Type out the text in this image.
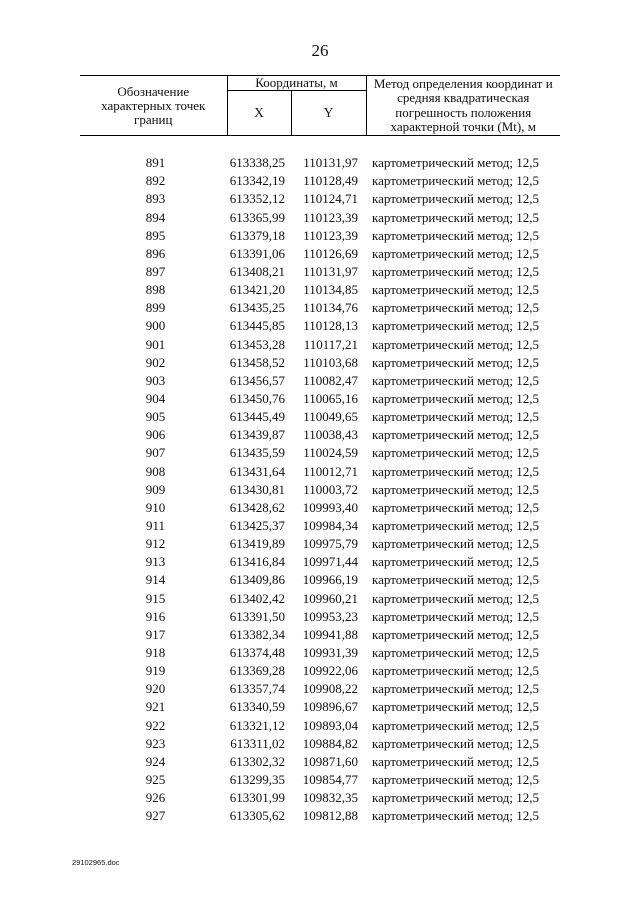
26
Обозначение характерных точек границ	Координаты, м		Метод определения координат и средняя квадратическая погрешность положения характерной точки (Mt), м
	X	Y	

891	613338,25	110131,97	картометрический метод; 12,5
892	613342,19	110128,49	картометрический метод; 12,5
893	613352,12	110124,71	картометрический метод; 12,5
894	613365,99	110123,39	картометрический метод; 12,5
895	613379,18	110123,39	картометрический метод; 12,5
896	613391,06	110126,69	картометрический метод; 12,5
897	613408,21	110131,97	картометрический метод; 12,5
898	613421,20	110134,85	картометрический метод; 12,5
899	613435,25	110134,76	картометрический метод; 12,5
900	613445,85	110128,13	картометрический метод; 12,5
901	613453,28	110117,21	картометрический метод; 12,5
902	613458,52	110103,68	картометрический метод; 12,5
903	613456,57	110082,47	картометрический метод; 12,5
904	613450,76	110065,16	картометрический метод; 12,5
905	613445,49	110049,65	картометрический метод; 12,5
906	613439,87	110038,43	картометрический метод; 12,5
907	613435,59	110024,59	картометрический метод; 12,5
908	613431,64	110012,71	картометрический метод; 12,5
909	613430,81	110003,72	картометрический метод; 12,5
910	613428,62	109993,40	картометрический метод; 12,5
911	613425,37	109984,34	картометрический метод; 12,5
912	613419,89	109975,79	картометрический метод; 12,5
913	613416,84	109971,44	картометрический метод; 12,5
914	613409,86	109966,19	картометрический метод; 12,5
915	613402,42	109960,21	картометрический метод; 12,5
916	613391,50	109953,23	картометрический метод; 12,5
917	613382,34	109941,88	картометрический метод; 12,5
918	613374,48	109931,39	картометрический метод; 12,5
919	613369,28	109922,06	картометрический метод; 12,5
920	613357,74	109908,22	картометрический метод; 12,5
921	613340,59	109896,67	картометрический метод; 12,5
922	613321,12	109893,04	картометрический метод; 12,5
923	613311,02	109884,82	картометрический метод; 12,5
924	613302,32	109871,60	картометрический метод; 12,5
925	613299,35	109854,77	картометрический метод; 12,5
926	613301,99	109832,35	картометрический метод; 12,5
927	613305,62	109812,88	картометрический метод; 12,5
29102965.doc
